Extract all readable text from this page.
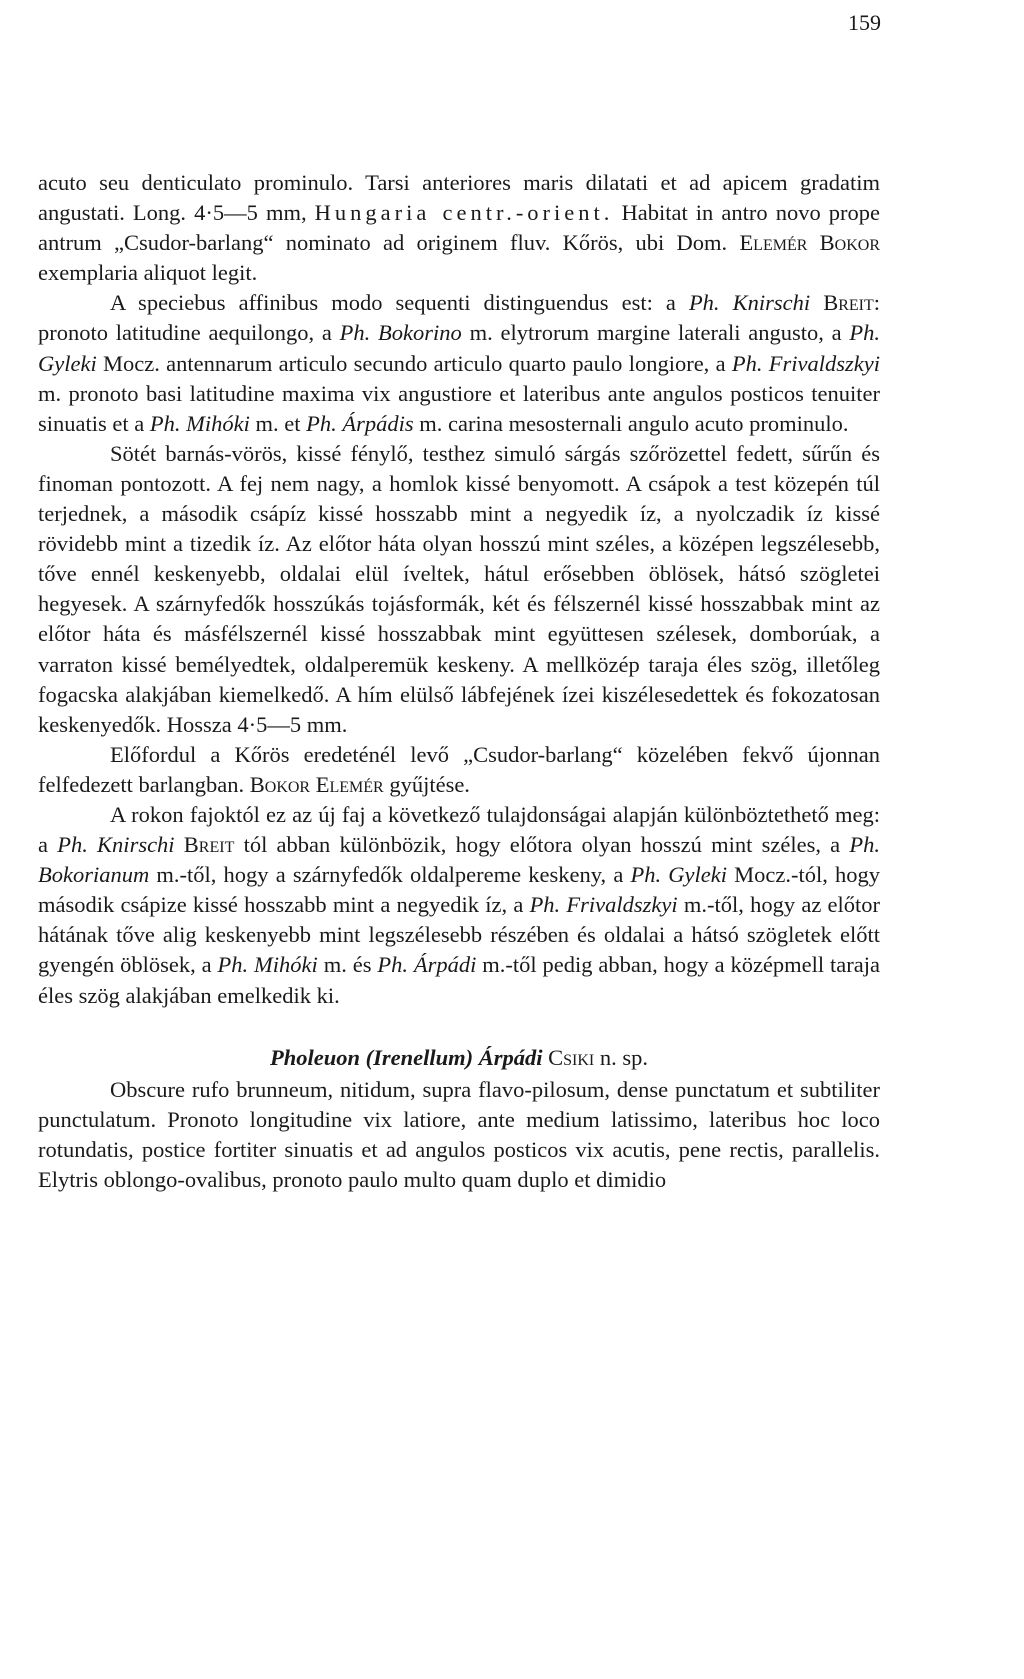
159

acuto seu denticulato prominulo. Tarsi anteriores maris dilatati et ad apicem gradatim angustati. Long. 4·5—5 mm, Hungaria centr.-orient. Habitat in antro novo prope antrum „Csudor-barlang“ nominato ad originem fluv. Kőrös, ubi Dom. Elemér Bokor exemplaria aliquot legit.

A speciebus affinibus modo sequenti distinguendus est: a Ph. Knirschi Breit: pronoto latitudine aequilongo, a Ph. Bokorino m. elytrorum margine laterali angusto, a Ph. Gyleki Mocz. antennarum articulo secundo articulo quarto paulo longiore, a Ph. Frivaldszkyi m. pronoto basi latitudine maxima vix angustiore et lateribus ante angulos posticos tenuiter sinuatis et a Ph. Mihóki m. et Ph. Árpádis m. carina mesosternali angulo acuto prominulo.

Sötét barnás-vörös, kissé fénylő, testhez simuló sárgás szőrözettel fedett, sűrűn és finoman pontozott. A fej nem nagy, a homlok kissé benyomott. A csápok a test közepén túl terjednek, a második csápíz kissé hosszabb mint a negyedik íz, a nyolczadik íz kissé rövidebb mint a tizedik íz. Az előtor háta olyan hosszú mint széles, a középen legszélesebb, tőve ennél keskenyebb, oldalai elül íveltek, hátul erősebben öblösek, hátsó szögletei hegyesek. A szárnyfedők hosszúkás tojásformák, két és félszernél kissé hosszabbak mint az előtor háta és másfélszernél kissé hosszabbak mint együttesen szélesek, domborúak, a varraton kissé bemélyedtek, oldalperemük keskeny. A mellközép taraja éles szög, illetőleg fogacska alakjában kiemelkedő. A hím elülső lábfejének ízei kiszélesedettek és fokozatosan keskenyedők. Hossza 4·5—5 mm.

Előfordul a Kőrös eredeténél levő „Csudor-barlang“ közelében fekvő újonnan felfedezett barlangban. Bokor Elemér gyűjtése.

A rokon fajoktól ez az új faj a következő tulajdonságai alapján különböztethető meg: a Ph. Knirschi Breit tól abban különbözik, hogy előtora olyan hosszú mint széles, a Ph. Bokorianum m.-től, hogy a szárnyfedők oldalpereme keskeny, a Ph. Gyleki Mocz.-tól, hogy második csápize kissé hosszabb mint a negyedik íz, a Ph. Frivaldszkyi m.-től, hogy az előtor hátának tőve alig keskenyebb mint legszélesebb részében és oldalai a hátsó szögletek előtt gyengén öblösek, a Ph. Mihóki m. és Ph. Árpádi m.-től pedig abban, hogy a középmell taraja éles szög alakjában emelkedik ki.

Pholeuon (Irenellum) Árpádi Csiki n. sp.

Obscure rufo brunneum, nitidum, supra flavo-pilosum, dense punctatum et subtiliter punctulatum. Pronoto longitudine vix latiore, ante medium latissimo, lateribus hoc loco rotundatis, postice fortiter sinuatis et ad angulos posticos vix acutis, pene rectis, parallelis. Elytris oblongo-ovalibus, pronoto paulo multo quam duplo et dimidio
